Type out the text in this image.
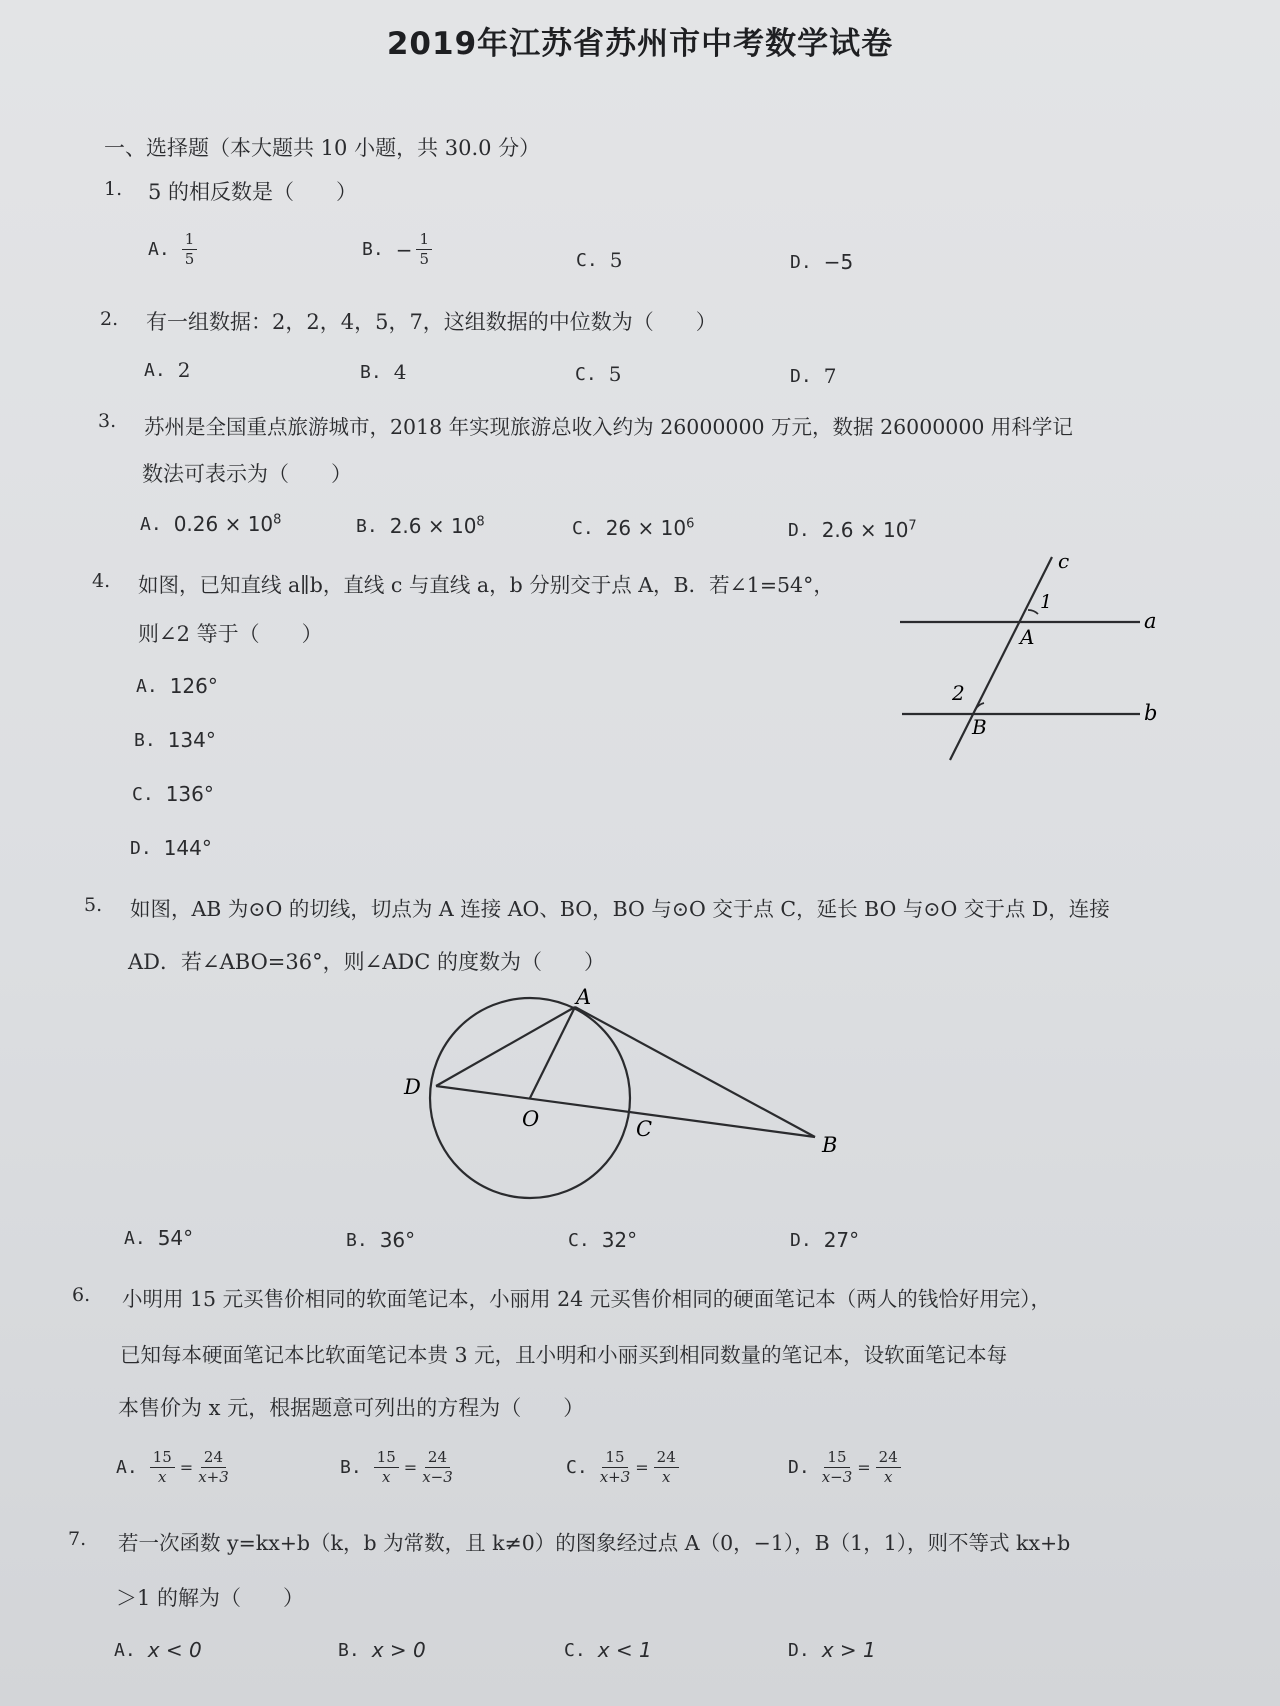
2019年江苏省苏州市中考数学试卷
一、选择题（本大题共 10 小题，共 30.0 分）
1. 5 的相反数是（　　）
A. $\frac{1}{5}$	B. − $\frac{1}{5}$	C. 5	D. −5
2. 有一组数据：2，2，4，5，7，这组数据的中位数为（　　）
A. 2	B. 4	C. 5	D. 7
3. 苏州是全国重点旅游城市，2018 年实现旅游总收入约为 26000000 万元，数据 26000000 用科学记
数法可表示为（　　）
A. $0.26 \times 10^8$	B. $2.6 \times 10^8$	C. $26 \times 10^6$	D. $2.6 \times 10^7$
4. 如图，已知直线 a∥b，直线 c 与直线 a，b 分别交于点 A，B．若∠1=54°，
则∠2 等于（　　）
A. 126°
B. 134°
C. 136°
D. 144°
c
1
a
A
2
B
b
5. 如图，AB 为⊙O 的切线，切点为 A 连接 AO、BO，BO 与⊙O 交于点 C，延长 BO 与⊙O 交于点 D，连接
AD．若∠ABO=36°，则∠ADC 的度数为（　　）
A
D
O	C
B
A. 54°	B. 36°	C. 32°	D. 27°
6. 小明用 15 元买售价相同的软面笔记本，小丽用 24 元买售价相同的硬面笔记本（两人的钱恰好用完），
已知每本硬面笔记本比软面笔记本贵 3 元，且小明和小丽买到相同数量的笔记本，设软面笔记本每
本售价为 x 元，根据题意可列出的方程为（　　）
A. $\frac{15}{x} = \frac{24}{x+3}$	B. $\frac{15}{x} = \frac{24}{x-3}$	C. $\frac{15}{x+3} = \frac{24}{x}$	D. $\frac{15}{x-3} = \frac{24}{x}$
7. 若一次函数 y=kx+b（k，b 为常数，且 k≠0）的图象经过点 A（0，−1），B（1，1），则不等式 kx+b
＞1 的解为（　　）
A. x < 0	B. x > 0	C. x < 1	D. x > 1
